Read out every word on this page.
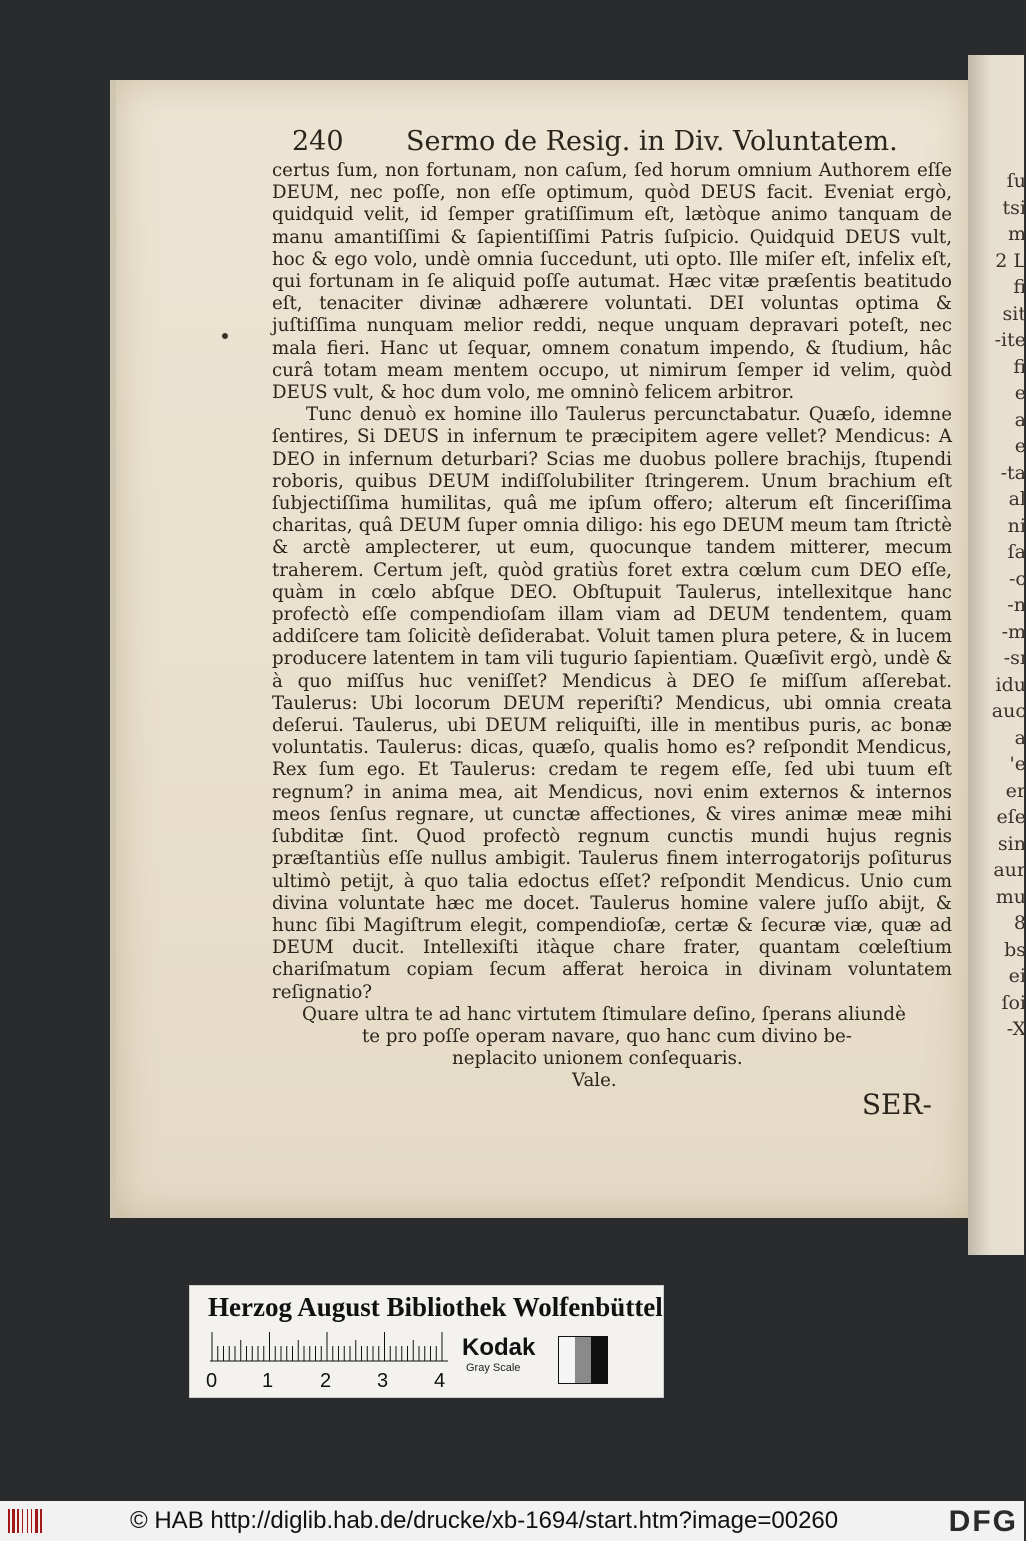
ſu
tsi
m
2 L
fi
sit
-ite
fi
e
a
e
-ta
al
ni
ſa
-c
-n
-m
-sı
idu
auc
a
'e
er
eſe
sin
aur
mu
8
bs
ei
ſoi
-X
240 Sermo de Resig. in Div. Voluntatem.

certus ſum, non fortunam, non caſum, ſed horum omnium Authorem eſſe DEUM, nec poſſe, non eſſe optimum, quòd DEUS facit. Eveniat ergò, quidquid velit, id ſemper gratiſſimum eſt, lætòque animo tanquam de manu amantiſſimi & ſapientiſſimi Patris ſuſpicio. Quidquid DEUS vult, hoc & ego volo, undè omnia ſuccedunt, uti opto. Ille miſer eſt, infelix eſt, qui fortunam in ſe aliquid poſſe autumat. Hæc vitæ præſentis beatitudo eſt, tenaciter divinæ adhærere voluntati. DEI voluntas optima & juſtiſſima nunquam melior reddi, neque unquam depravari poteſt, nec mala fieri. Hanc ut ſequar, omnem conatum impendo, & ſtudium, hâc curâ totam meam mentem occupo, ut nimirum ſemper id velim, quòd DEUS vult, & hoc dum volo, me omninò felicem arbitror.

Tunc denuò ex homine illo Taulerus percunctabatur. Quæſo, idemne ſentires, Si DEUS in infernum te præcipitem agere vellet? Mendicus: A DEO in infernum deturbari? Scias me duobus pollere brachijs, ſtupendi roboris, quibus DEUM indiſſolubiliter ſtringerem. Unum brachium eſt ſubjectiſſima humilitas, quâ me ipſum offero; alterum eſt ſinceriſſima charitas, quâ DEUM ſuper omnia diligo: his ego DEUM meum tam ſtrictè & arctè amplecterer, ut eum, quocunque tandem mitterer, mecum traherem. Certum jeſt, quòd gratiùs foret extra cœlum cum DEO eſſe, quàm in cœlo abſque DEO. Obſtupuit Taulerus, intellexitque hanc profectò eſſe compendioſam illam viam ad DEUM tendentem, quam addiſcere tam ſolicitè deſiderabat. Voluit tamen plura petere, & in lucem producere latentem in tam vili tugurio ſapientiam. Quæſivit ergò, undè & à quo miſſus huc veniſſet? Mendicus à DEO ſe miſſum aſſerebat. Taulerus: Ubi locorum DEUM reperiſti? Mendicus, ubi omnia creata deſerui. Taulerus, ubi DEUM reliquiſti, ille in mentibus puris, ac bonæ voluntatis. Taulerus: dicas, quæſo, qualis homo es? reſpondit Mendicus, Rex ſum ego. Et Taulerus: credam te regem eſſe, ſed ubi tuum eſt regnum? in anima mea, ait Mendicus, novi enim externos & internos meos ſenſus regnare, ut cunctæ affectiones, & vires animæ meæ mihi ſubditæ ſint. Quod profectò regnum cunctis mundi hujus regnis præſtantiùs eſſe nullus ambigit. Taulerus finem interrogatorijs poſiturus ultimò petijt, à quo talia edoctus eſſet? reſpondit Mendicus. Unio cum divina voluntate hæc me docet. Taulerus homine valere juſſo abijt, & hunc ſibi Magiſtrum elegit, compendioſæ, certæ & ſecuræ viæ, quæ ad DEUM ducit. Intellexiſti itàque chare frater, quantam cœleſtium chariſmatum copiam ſecum afferat heroica in divinam voluntatem reſignatio?

Quare ultra te ad hanc virtutem ſtimulare deſino, ſperans aliundè
te pro poſſe operam navare, quo hanc cum divino be-
neplacito unionem conſequaris.
Vale.
SER-
Herzog August Bibliothek Wolfenbüttel
0 1 2 3 4
Kodak
Gray Scale
© HAB http://diglib.hab.de/drucke/xb-1694/start.htm?image=00260	DFG
